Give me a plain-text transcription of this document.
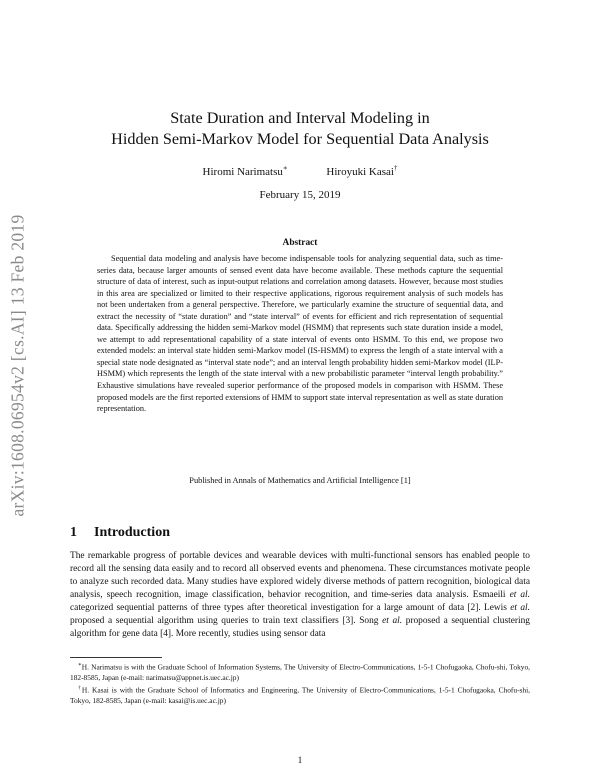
arXiv:1608.06954v2 [cs.AI] 13 Feb 2019
State Duration and Interval Modeling in
Hidden Semi-Markov Model for Sequential Data Analysis
Hiromi Narimatsu∗	Hiroyuki Kasai†
February 15, 2019
Abstract

Sequential data modeling and analysis have become indispensable tools for analyzing sequential data, such as time-series data, because larger amounts of sensed event data have become available. These methods capture the sequential structure of data of interest, such as input-output relations and correlation among datasets. However, because most studies in this area are specialized or limited to their respective applications, rigorous requirement analysis of such models has not been undertaken from a general perspective. Therefore, we particularly examine the structure of sequential data, and extract the necessity of “state duration” and “state interval” of events for efficient and rich representation of sequential data. Specifically addressing the hidden semi-Markov model (HSMM) that represents such state duration inside a model, we attempt to add representational capability of a state interval of events onto HSMM. To this end, we propose two extended models: an interval state hidden semi-Markov model (IS-HSMM) to express the length of a state interval with a special state node designated as “interval state node”; and an interval length probability hidden semi-Markov model (ILP-HSMM) which represents the length of the state interval with a new probabilistic parameter “interval length probability.” Exhaustive simulations have revealed superior performance of the proposed models in comparison with HSMM. These proposed models are the first reported extensions of HMM to support state interval representation as well as state duration representation.

Published in Annals of Mathematics and Artificial Intelligence [1]
1 Introduction

The remarkable progress of portable devices and wearable devices with multi-functional sensors has enabled people to record all the sensing data easily and to record all observed events and phenomena. These circumstances motivate people to analyze such recorded data. Many studies have explored widely diverse methods of pattern recognition, biological data analysis, speech recognition, image classification, behavior recognition, and time-series data analysis. Esmaeili et al. categorized sequential patterns of three types after theoretical investigation for a large amount of data [2]. Lewis et al. proposed a sequential algorithm using queries to train text classifiers [3]. Song et al. proposed a sequential clustering algorithm for gene data [4]. More recently, studies using sensor data

∗H. Narimatsu is with the Graduate School of Information Systems, The University of Electro-Communications, 1-5-1 Chofugaoka, Chofu-shi, Tokyo, 182-8585, Japan (e-mail: narimatsu@appnet.is.uec.ac.jp)

†H. Kasai is with the Graduate School of Informatics and Engineering, The University of Electro-Communications, 1-5-1 Chofugaoka, Chofu-shi, Tokyo, 182-8585, Japan (e-mail: kasai@is.uec.ac.jp)

1
